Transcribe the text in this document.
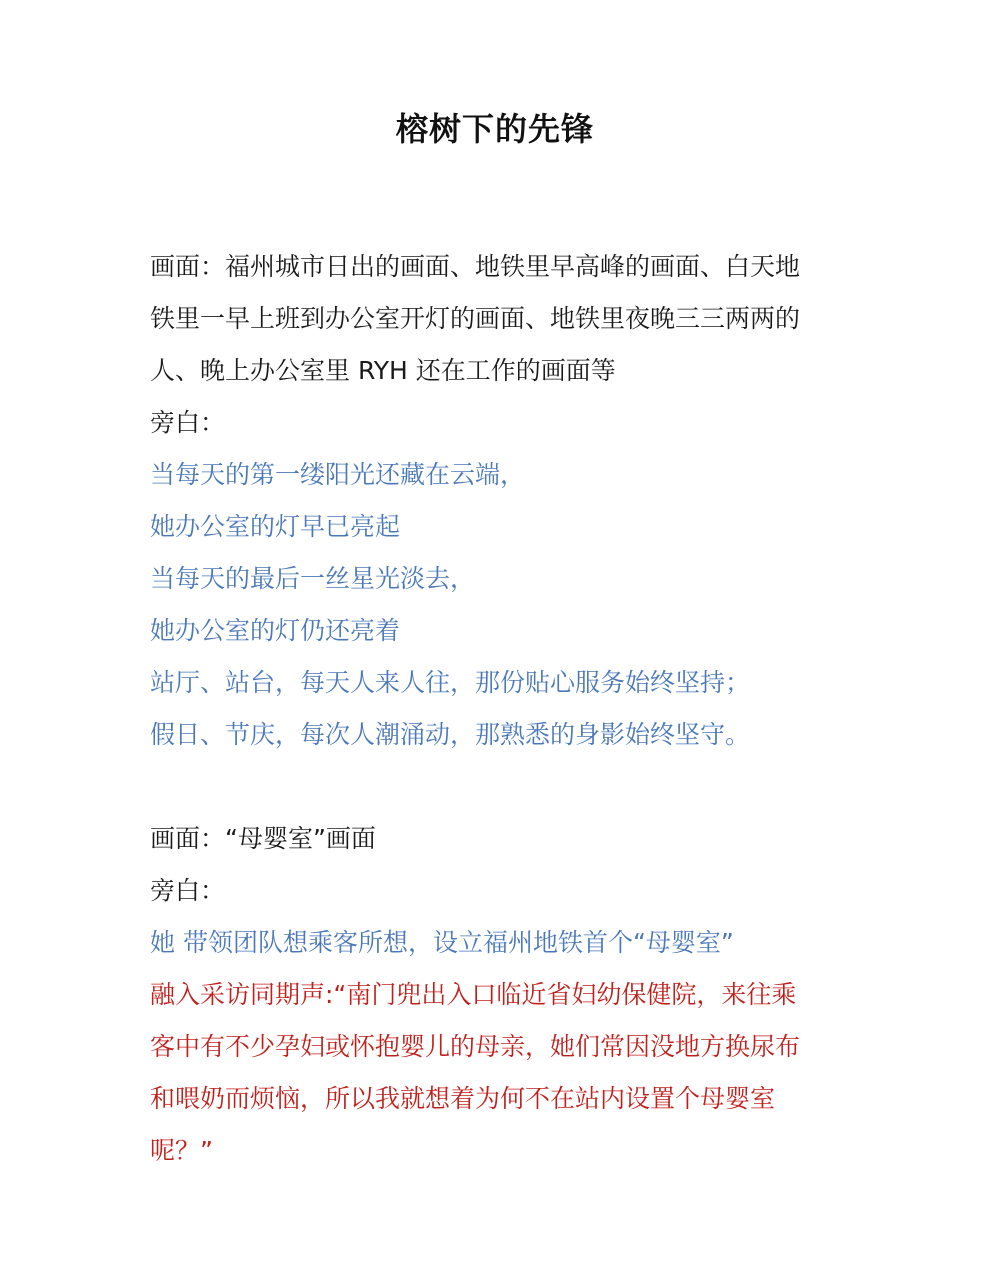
榕树下的先锋
画面：福州城市日出的画面、地铁里早高峰的画面、白天地
铁里一早上班到办公室开灯的画面、地铁里夜晚三三两两的
人、晚上办公室里 RYH 还在工作的画面等
旁白：
当每天的第一缕阳光还藏在云端，
她办公室的灯早已亮起
当每天的最后一丝星光淡去，
她办公室的灯仍还亮着
站厅、站台，每天人来人往，那份贴心服务始终坚持；
假日、节庆，每次人潮涌动，那熟悉的身影始终坚守。
画面：“母婴室”画面
旁白：
她 带领团队想乘客所想，设立福州地铁首个“母婴室”
融入采访同期声:“南门兜出入口临近省妇幼保健院，来往乘
客中有不少孕妇或怀抱婴儿的母亲，她们常因没地方换尿布
和喂奶而烦恼，所以我就想着为何不在站内设置个母婴室
呢？”
